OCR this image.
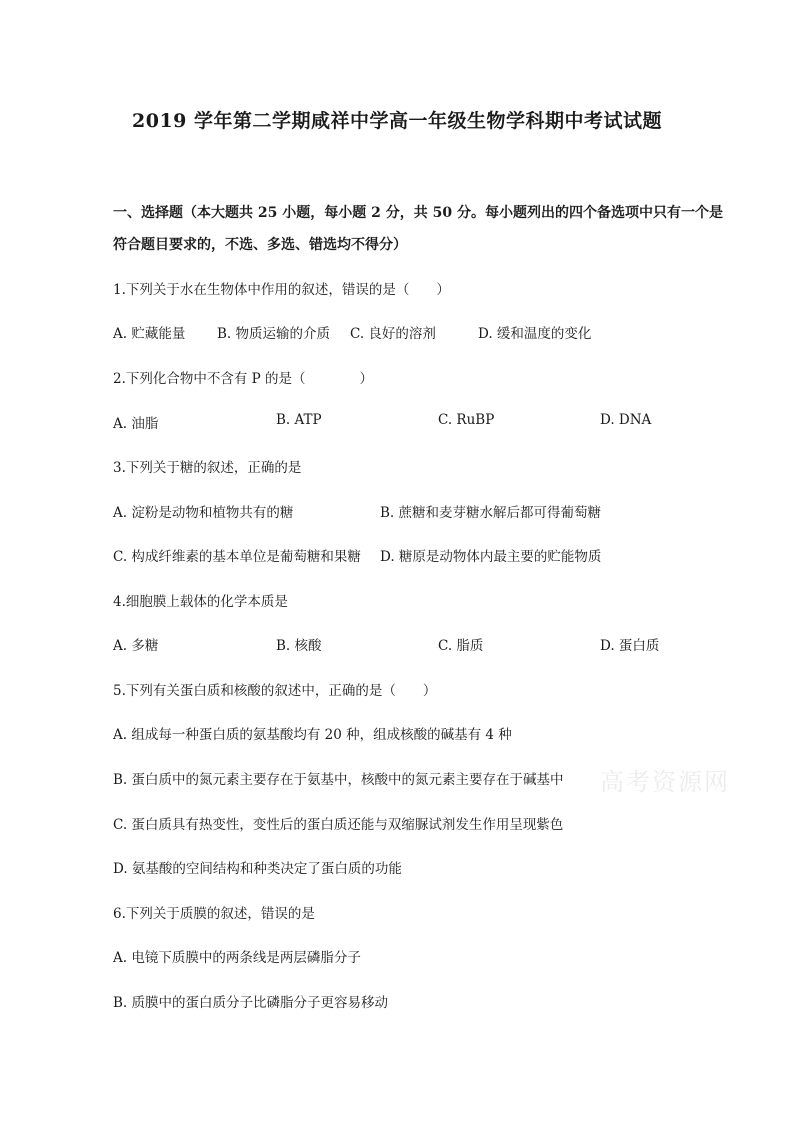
2019 学年第二学期咸祥中学高一年级生物学科期中考试试题
一、选择题（本大题共 25 小题，每小题 2 分，共 50 分。每小题列出的四个备选项中只有一个是
符合题目要求的，不选、多选、错选均不得分）
1.下列关于水在生物体中作用的叙述，错误的是（　　）
A. 贮藏能量 B. 物质运输的介质 C. 良好的溶剂	D. 缓和温度的变化
2.下列化合物中不含有 P 的是（　　　　）
A. 油脂	B. ATP	C. RuBP	D. DNA
3.下列关于糖的叙述，正确的是
A. 淀粉是动物和植物共有的糖	B. 蔗糖和麦芽糖水解后都可得葡萄糖
C. 构成纤维素的基本单位是葡萄糖和果糖 D. 糖原是动物体内最主要的贮能物质
4.细胞膜上载体的化学本质是
A. 多糖	B. 核酸	C. 脂质	D. 蛋白质
5.下列有关蛋白质和核酸的叙述中，正确的是（　　）
A. 组成每一种蛋白质的氨基酸均有 20 种，组成核酸的碱基有 4 种
B. 蛋白质中的氮元素主要存在于氨基中，核酸中的氮元素主要存在于碱基中
C. 蛋白质具有热变性，变性后的蛋白质还能与双缩脲试剂发生作用呈现紫色
D. 氨基酸的空间结构和种类决定了蛋白质的功能
6.下列关于质膜的叙述，错误的是
A. 电镜下质膜中的两条线是两层磷脂分子
B. 质膜中的蛋白质分子比磷脂分子更容易移动
高考资源网
